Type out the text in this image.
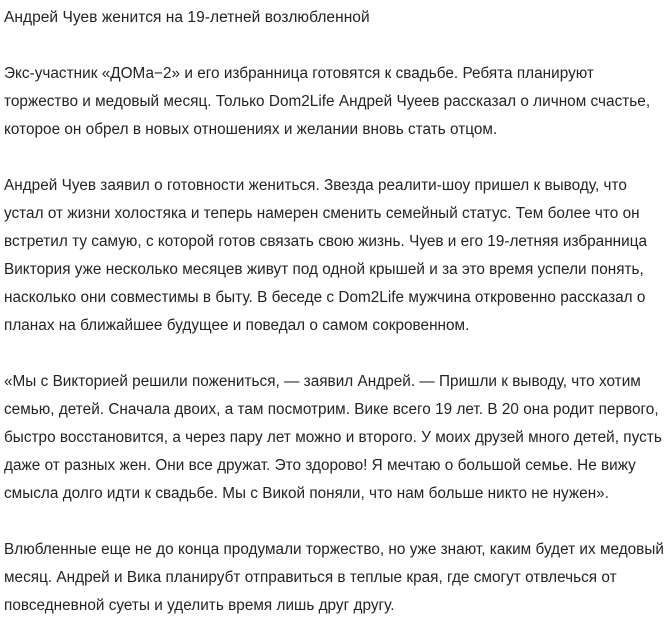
Андрей Чуев женится на 19-летней возлюбленной

Экс-участник «ДОМа−2» и его избранница готовятся к свадьбе. Ребята планируют торжество и медовый месяц. Только Dom2Life Андрей Чуеев рассказал о личном счастье, которое он обрел в новых отношениях и желании вновь стать отцом.

Андрей Чуев заявил о готовности жениться. Звезда реалити-шоу пришел к выводу, что устал от жизни холостяка и теперь намерен сменить семейный статус. Тем более что он встретил ту самую, с которой готов связать свою жизнь. Чуев и его 19-летняя избранница Виктория уже несколько месяцев живут под одной крышей и за это время успели понять, насколько они совместимы в быту. В беседе с Dom2Life мужчина откровенно рассказал о планах на ближайшее будущее и поведал о самом сокровенном.

«Мы с Викторией решили пожениться, — заявил Андрей. — Пришли к выводу, что хотим семью, детей. Сначала двоих, а там посмотрим. Вике всего 19 лет. В 20 она родит первого, быстро восстановится, а через пару лет можно и второго. У моих друзей много детей, пусть даже от разных жен. Они все дружат. Это здорово! Я мечтаю о большой семье. Не вижу смысла долго идти к свадьбе. Мы с Викой поняли, что нам больше никто не нужен».

Влюбленные еще не до конца продумали торжество, но уже знают, каким будет их медовый месяц. Андрей и Вика планирубт отправиться в теплые края, где смогут отвлечься от повседневной суеты и уделить время лишь друг другу.
